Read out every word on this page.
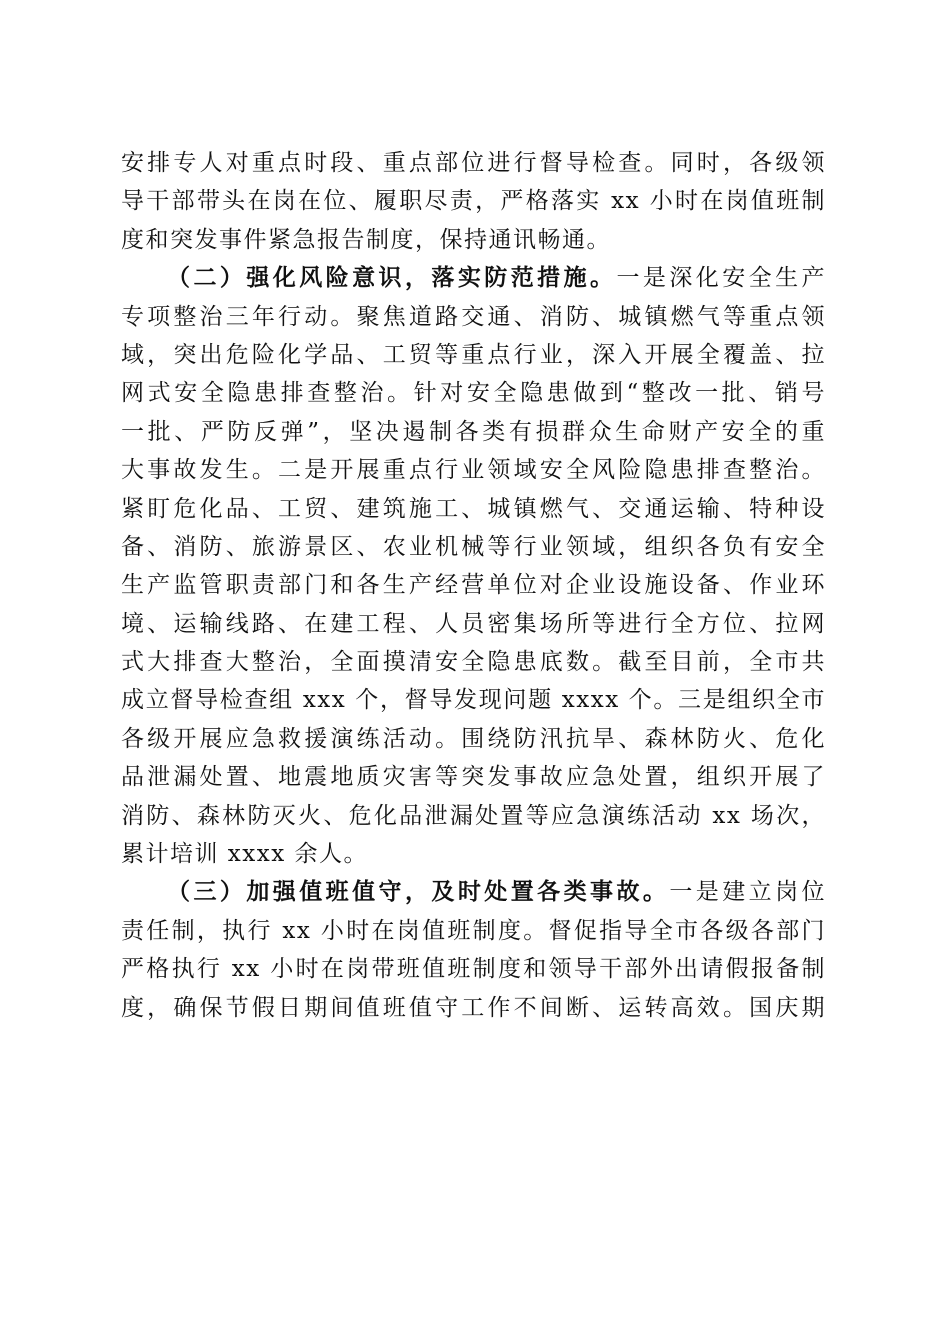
安排专人对重点时段、重点部位进行督导检查。同时，各级领
导干部带头在岗在位、履职尽责，严格落实 xx 小时在岗值班制
度和突发事件紧急报告制度，保持通讯畅通。
（二）强化风险意识，落实防范措施。一是深化安全生产
专项整治三年行动。聚焦道路交通、消防、城镇燃气等重点领
域，突出危险化学品、工贸等重点行业，深入开展全覆盖、拉
网式安全隐患排查整治。针对安全隐患做到“整改一批、销号
一批、严防反弹”，坚决遏制各类有损群众生命财产安全的重
大事故发生。二是开展重点行业领域安全风险隐患排查整治。
紧盯危化品、工贸、建筑施工、城镇燃气、交通运输、特种设
备、消防、旅游景区、农业机械等行业领域，组织各负有安全
生产监管职责部门和各生产经营单位对企业设施设备、作业环
境、运输线路、在建工程、人员密集场所等进行全方位、拉网
式大排查大整治，全面摸清安全隐患底数。截至目前，全市共
成立督导检查组 xxx 个，督导发现问题 xxxx 个。三是组织全市
各级开展应急救援演练活动。围绕防汛抗旱、森林防火、危化
品泄漏处置、地震地质灾害等突发事故应急处置，组织开展了
消防、森林防灭火、危化品泄漏处置等应急演练活动 xx 场次，
累计培训 xxxx 余人。
（三）加强值班值守，及时处置各类事故。一是建立岗位
责任制，执行 xx 小时在岗值班制度。督促指导全市各级各部门
严格执行 xx 小时在岗带班值班制度和领导干部外出请假报备制
度，确保节假日期间值班值守工作不间断、运转高效。国庆期
